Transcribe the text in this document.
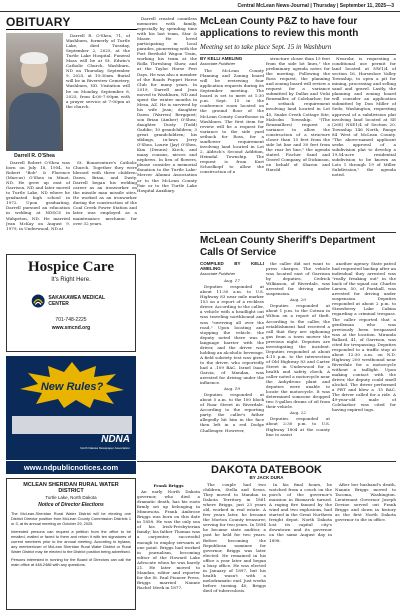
Central McLean News-Journal | Thursday | September 11, 2025—3
OBITUARY
Darrell R. O'Shea

Darrell R. O'Shea, 71, of Washburn, formerly of Turtle Lake, died Tuesday, September 2, 2025, at the Turtle Lake Hospital. Funeral Mass will be at St. Edwin's Catholic Church, Washburn, ND on Thursday, September 9, 2025, at 10:30am. Burial will be in Riverview Cemetery, Washburn, ND. Visitation will be on Monday, September 8, 2025, from 4:00-7:00pm with a prayer service at 7:00pm at the church.

Darrell Robert O'Shea was born on July 18, 1954, to Robert "Bob" & Florence (Marcus) O'Shea in Minot, ND. He grew up east of Garrison, ND and later moved to Turtle Lake, ND where he graduated high school in 1972. Upon graduating, Darrell pursued an education in welding at NDSCS in Wahpeton, ND. He married Jean McKay on August 9, 1979, in Underwood, ND at

St. Bonaventure's Catholic Church. Together they were blessed with three children: Dawn, Brian, and Dusty. Darrell began his welding career as an ironworker on the missile man missile sites. He worked as an ironworker during the construction of the Coal Creek Power Station and later was employed as a maintenance mechanic for over 32 years.

Darrell created countless memories with family, especially by spending time with his last team, Star & Maser. He loved participating in local parades, pioneering with the Fort Berthold Wagon Train, working his team at the Rolla Threshing Show, and at the Taylor Horse Fest Days. He was also a member of the Roads Puppet Horse Club for many years. In 2019, Darrell and Jean moved to Washburn, ND and spent the winter months in Mesa, AZ. He is survived by his wife Jean; daughter Dawn (Warren) Bergquist; son Brian (Amber) O'Shea; daughter Dusty (Todd) Gaddie; 10 grandchildren; 3 great grandchildren; his siblings, in-laws Jerry O'Shea, Laurie (Jay) O'Shea, Kim (Dennis) Kirch, and many cousins, nieces and nephews. In lieu of flowers, please consider a memorial donation to the Turtle Lake-Mercer Alumni Association or to the McLean County Fair or to the Turtle Lake Hospital Auxiliary.

Hospice Care
It's Right Here.
SAKAKAWEA MEDICAL CENTER
701-748-2225
www.smcnd.org
New Rules?
NDNA
North Dakota Newspaper Association
www.ndpublicnotices.com
MCLEAN SHERIDAN RURAL WATER DISTRICT
Turtle Lake, North Dakota
Notice of Director Elections

The McLean-Sheridan Rural Water District will be electing one District Director position from McLean County Commission Districts 1 or 3, at its annual meeting on October 29, 2025.

Interested persons can request a petition from the office to be emailed, mailed or faxed to them and return it with ten signatures of current members prior to the annual meeting. According to bylaws, any member/user of McLean Sheridan Rural Water District or Rural Water District may be elected to the District position being advertised.

Persons interested in running for the Board of Directors can call the main office at 448-2486 with any questions.

McLean County P&Z to have four applications to review this month
Meeting set to take place Sept. 15 in Washburn
BY KELLI AMELING
Associate Publisher

The McLean County Planning and Zoning board will be reviewing four application requests during its September meeting. The board is set to meet at 1:30 p.m. Sept. 15 in the conference room located on the ground floor of the McLean County Courthouse in Washburn. The first item for review will be a request for variance to the side yard setback for Ross, for a sunflower requirement involving land located in Lot 2, Aldrich's Second Addition, Heimdal Township. The request is from Kurt Schoelkopf to allow the construction of a

structure closer than 15 feet from the side lot lines," the preliminary agenda notes for the meeting. Following the Ross request, the planning and zoning board will review a request for a variance submitted by Dallas and Vicki Renzmiller, of Coleharbor, for a setback requirement involving land located in Lot 45, Snake Creek Cottage Site, Malcolm Township. "(The Renzmillers) request a variance to allow the construction of a structure closer than 15 feet from the side lot line and 30 feet from the rear lot line," the agenda stated. Fischer Sand and Gravel Company, of Dickinson, on behalf of Sharon and Harold

Neurohr, is requesting a conditional use permit for land located at NW1/4 of section 16, Horseshoe Valley Township, to open a pit for mining, processing and selling sand and gravel. Lastly, the planning and zoning board will consider an application submitted by Don Miller of Sedo, Washington, requesting approval of a subdivision plat involving land located at SE (26S) NSE1/4 of Section 20, Township 146 North, Range 84 West of McLean County. "The above-named applicant seeks approval of a subdivision plat to develop a 19.54-acre residential subdivision to be known as Lots 1 through 19 of Miller Subdivision," the agenda noted.

McLean County Sheriff's Department Calls Of Service
COMPILED BY KELLI AMELING
Associate Publisher

Aug. 17

Deputies responded at about 11:30 a.m. to U.S. Highway 83 near mile marker 153 on a report of a reckless driver. According to the caller, a vehicle with a headlight out was traveling northbound and was "swerving all over the road." Upon locating and stopping the vehicle, the deputy noted there was a language barrier with the driver, and the driver was holding an alcoholic beverage. A field sobriety test was given to the driver, who reportedly had a .109 BAC. Israel Isaac Garcia, of Mandan, was arrested for driving under the influence.

Aug. 19

Deputies responded at about 5 a.m. to the 100 block of Roar Street in Riverdale. According to the reporting party, the caller's father allegedly hit him in the face then left in a red Dodge Challenger. However,

the caller did not want to press charges. The vehicle was located east of Garrison by deputies. Cedrick Wilkinson, of Riverdale, was arrested for driving under suspension.

Aug. 20

Deputies responded at about 1 p.m. to the Coteau in Wilton on a report of theft. According to the caller, the establishment had received a call that they are siphoning gas from a town mower the previous night. Deputies are investigating the incident. Deputies responded at about 4:15 p.m. to the intersection of Old Highway 83 and Carter Street in Underwood for a health and safety check. A caller noted a motorcycle near the Anhydrous plant and deputies were unable to locate the motorcycle. It was determined someone dropped two 5-gallon drums of oil from their vehicle.

Aug. 22

Deputies responded at about 2:30 p.m. to U.S. Highway 1804 at the county line to assist

another agency. State patrol had requested backup after an individual they arrested was "really freaking out" in the back of the squad car. Charles Larsen, 50, of Parshall, was arrested for driving under suspension. Deputies responded at about 2 p.m. to Strawberry Lake Cabins regarding a criminal trespass. The caller reported that a gentleman who was previously been trespassed was at the location. Miranda Ballard, 41, of Garrison, was cited for trespassing. Deputies responded to a traffic stop at about 12:30 a.m. on N.D. Highway 200 westbound near Riverdale for a motorcycle without a taillight. Upon making contact with the driver, the deputy could smell alcohol. The driver performed a PBT and blew a .15 BAC. The driver called for a ride. A 49-year-old male of Coleharbor was cited for having expired tags.

DAKOTA DATEBOOK
BY JACK DURA

Frank Briggs

An early North Dakota governor, who died a dramatic death, has his roots firmly set up belonging in Minnesota. Frank Ambrose Briggs was born on this date in 1858. He was the only son of his Irish-Presbyterian family; his father Thomas was a carpenter, successful enough to employ servants at one point. Briggs had worked in journalism, becoming editor of the Howard Lake Advocate when he was barely 21. He later moved to Mandan, editor and reporter for the St. Paul Pioneer Press. Briggs married Nannie Rachel Meek in 1877.

The couple had two children, Stella and Sesus. They moved to Mandan in Dakota Territory in 1881 where Briggs, just 23 years old, worked in real estate. A few years later, he became the Morton County treasurer, serving for two years. In 1894 he became state auditor, a post he held for two years. Before becoming the Republican nominee for governor, Briggs was later elected. He remained in his office a year later and began a busy office. He was elected in January of 1897, but his health wasn't with a melodramatic end. Just weeks before turning 40, Briggs died of tuberculosis.

In his final hours, he watched from a couch on the porch of the governor's mansion in Bismarck turned. A raging fire fanned by the wind and two explosions, had started in the Great Northern freight depot. North Dakota lost its capital city's downtown and its governor on the same August day in 1898.

After her husband's death, Nannie Briggs moved to Tacoma, Washington. Lieutenant Governor Joseph Devine served out Frank Briggs and down in history as the first North Dakota governor to die in office.
